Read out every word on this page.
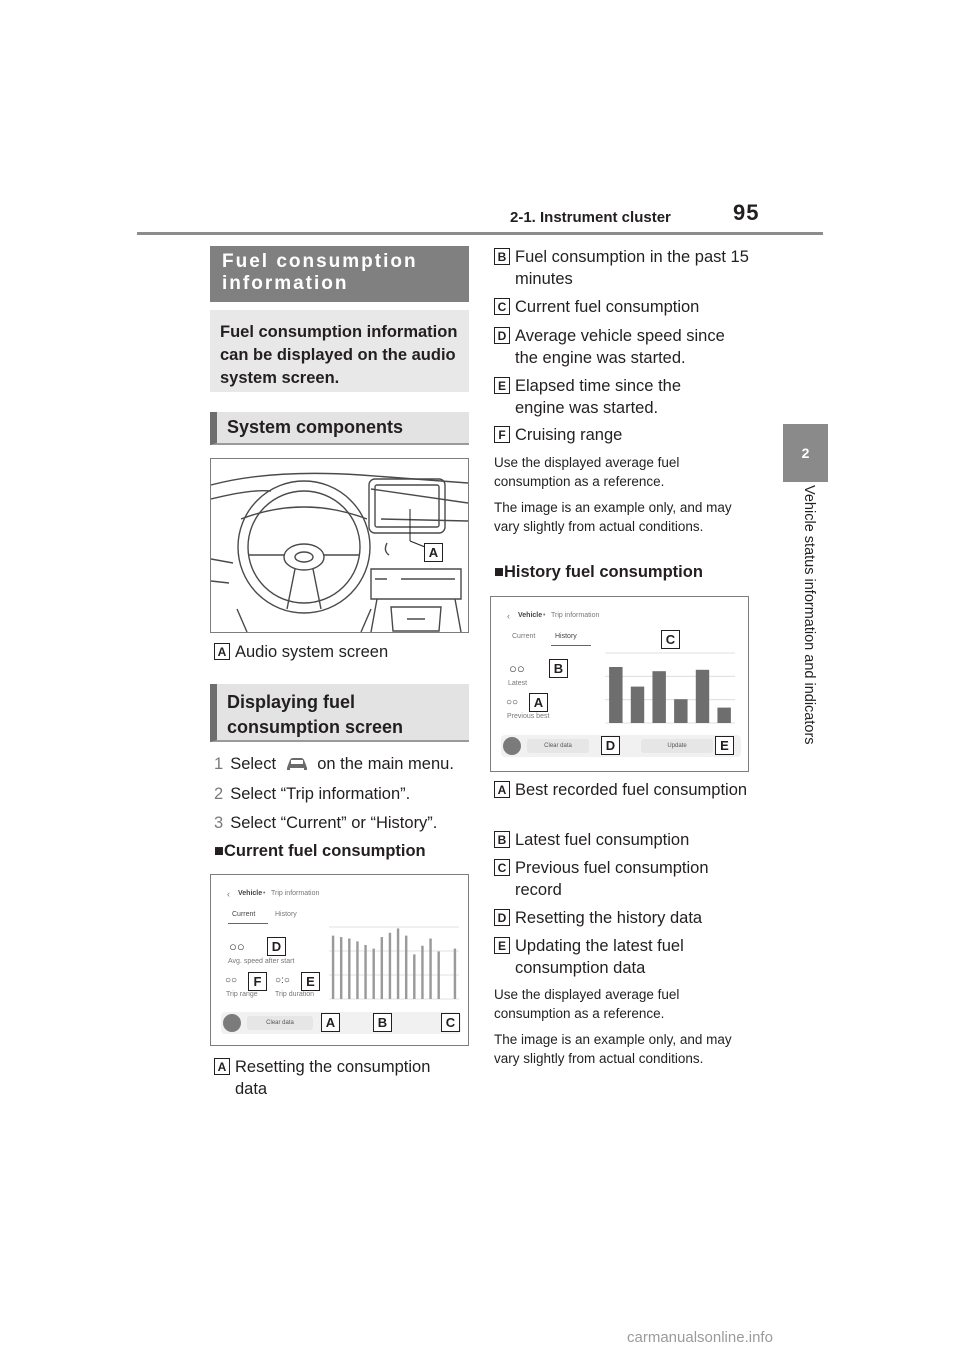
2-1. Instrument cluster	95
2
Vehicle status information and indicators
Fuel consumption information
Fuel consumption information can be displayed on the audio system screen.
System components
A
A Audio system screen
Displaying fuel consumption screen
1 Select on the main menu.
2 Select “Trip information”.
3 Select “Current” or “History”.
■Current fuel consumption
‹ Vehicle • Trip information
Current	History
○○
Avg. speed after start
○○
Trip range
○:○
Trip duration
Clear data
D
F	E
A	B	C
A Resetting the consumption data
B Fuel consumption in the past 15 minutes
C Current fuel consumption
D Average vehicle speed since the engine was started.
E Elapsed time since the engine was started.
F Cruising range
Use the displayed average fuel consumption as a reference.
The image is an example only, and may vary slightly from actual conditions.
■History fuel consumption
‹ Vehicle • Trip information
Current	History
○○
Latest
○○
Previous best
Clear data	Update
C
B
A
D	E
A Best recorded fuel consumption
B Latest fuel consumption
C Previous fuel consumption record
D Resetting the history data
E Updating the latest fuel consumption data
Use the displayed average fuel consumption as a reference.
The image is an example only, and may vary slightly from actual conditions.
carmanualsonline.info
